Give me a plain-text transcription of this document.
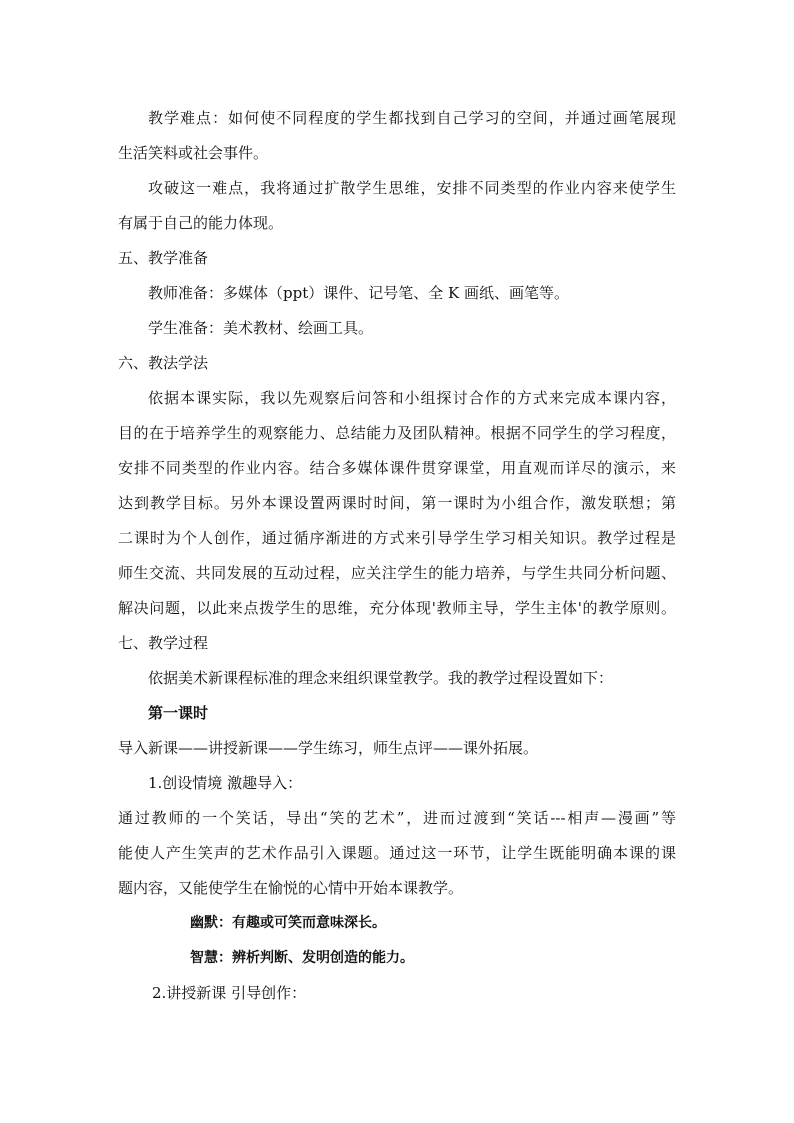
教学难点：如何使不同程度的学生都找到自己学习的空间，并通过画笔展现
生活笑料或社会事件。
攻破这一难点，我将通过扩散学生思维，安排不同类型的作业内容来使学生
有属于自己的能力体现。
五、教学准备
教师准备：多媒体（ppt）课件、记号笔、全 K 画纸、画笔等。
学生准备：美术教材、绘画工具。
六、教法学法
依据本课实际，我以先观察后问答和小组探讨合作的方式来完成本课内容，
目的在于培养学生的观察能力、总结能力及团队精神。根据不同学生的学习程度，
安排不同类型的作业内容。结合多媒体课件贯穿课堂，用直观而详尽的演示，来
达到教学目标。另外本课设置两课时时间，第一课时为小组合作，激发联想；第
二课时为个人创作，通过循序渐进的方式来引导学生学习相关知识。教学过程是
师生交流、共同发展的互动过程，应关注学生的能力培养，与学生共同分析问题、
解决问题，以此来点拨学生的思维，充分体现'教师主导，学生主体'的教学原则。
七、教学过程
依据美术新课程标准的理念来组织课堂教学。我的教学过程设置如下：
第一课时
导入新课——讲授新课——学生练习，师生点评——课外拓展。
1.创设情境 激趣导入：
通过教师的一个笑话，导出“笑的艺术”，进而过渡到“笑话---相声—漫画”等
能使人产生笑声的艺术作品引入课题。通过这一环节，让学生既能明确本课的课
题内容，又能使学生在愉悦的心情中开始本课教学。
幽默：有趣或可笑而意味深长。
智慧：辨析判断、发明创造的能力。
2.讲授新课 引导创作：
